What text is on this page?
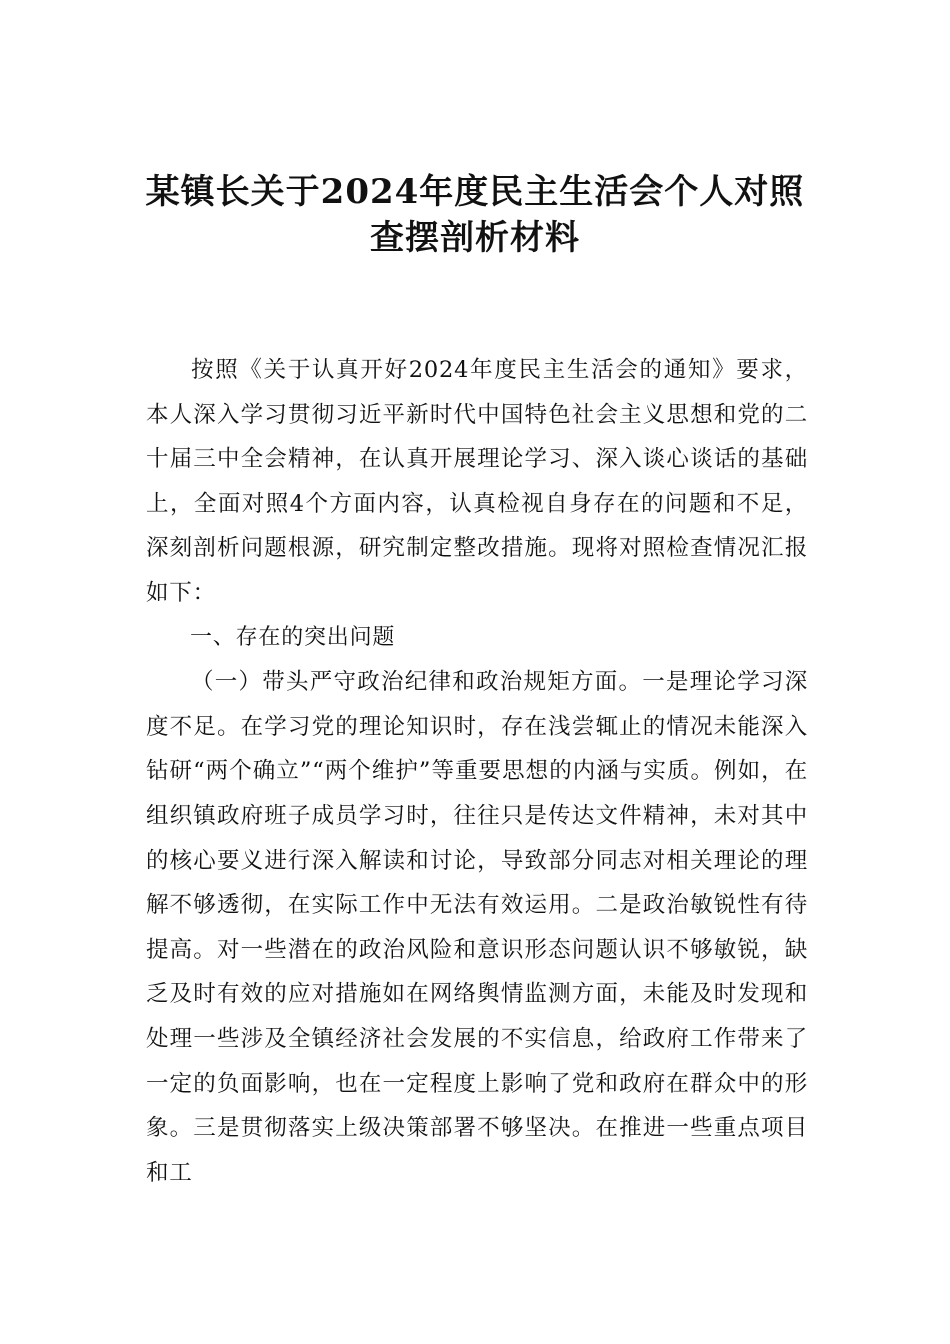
某镇长关于2024年度民主生活会个人对照
查摆剖析材料

按照《关于认真开好2024年度民主生活会的通知》要求，本人深入学习贯彻习近平新时代中国特色社会主义思想和党的二十届三中全会精神，在认真开展理论学习、深入谈心谈话的基础上，全面对照4个方面内容，认真检视自身存在的问题和不足，深刻剖析问题根源，研究制定整改措施。现将对照检查情况汇报如下：

一、存在的突出问题

（一）带头严守政治纪律和政治规矩方面。一是理论学习深度不足。在学习党的理论知识时，存在浅尝辄止的情况未能深入钻研“两个确立”“两个维护”等重要思想的内涵与实质。例如，在组织镇政府班子成员学习时，往往只是传达文件精神，未对其中的核心要义进行深入解读和讨论，导致部分同志对相关理论的理解不够透彻，在实际工作中无法有效运用。二是政治敏锐性有待提高。对一些潜在的政治风险和意识形态问题认识不够敏锐，缺乏及时有效的应对措施如在网络舆情监测方面，未能及时发现和处理一些涉及全镇经济社会发展的不实信息，给政府工作带来了一定的负面影响，也在一定程度上影响了党和政府在群众中的形象。三是贯彻落实上级决策部署不够坚决。在推进一些重点项目和工
